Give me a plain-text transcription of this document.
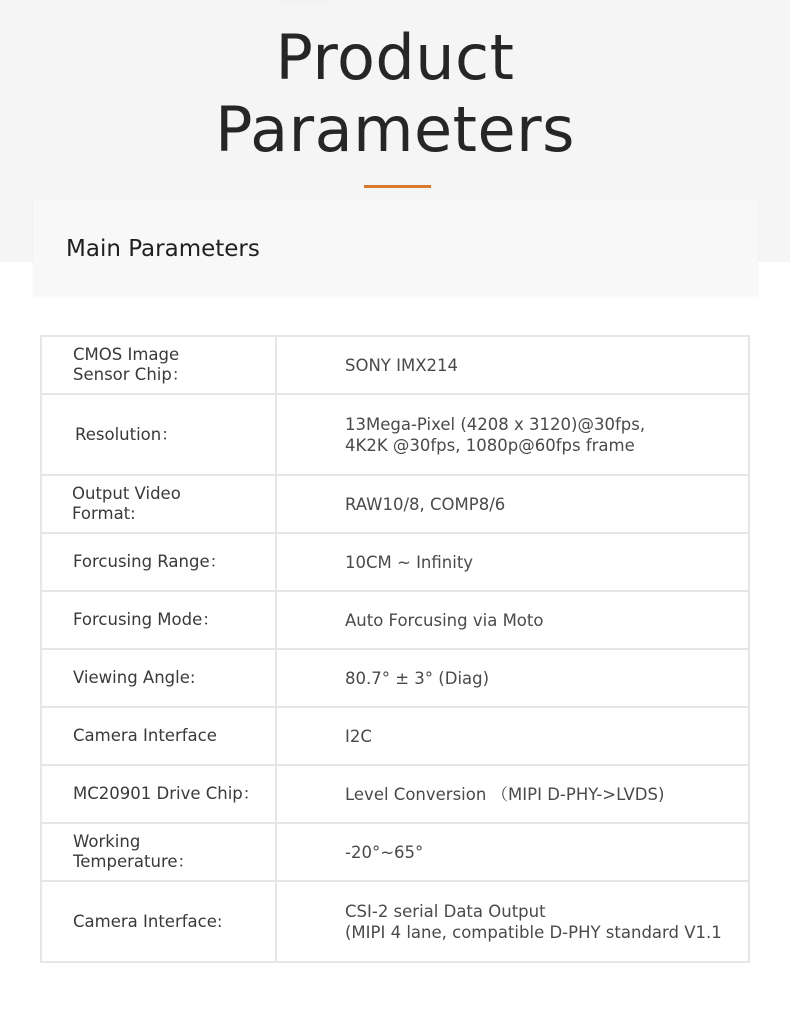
Product
Parameters
Main Parameters
CMOS Image
Sensor Chip：	SONY IMX214

Resolution：	13Mega-Pixel (4208 x 3120)@30fps,
4K2K @30fps, 1080p@60fps frame

Output Video
Format:	RAW10/8, COMP8/6

Forcusing Range：	10CM ~ Infinity

Forcusing Mode：	Auto Forcusing via Moto

Viewing Angle:	80.7° ± 3° (Diag)

Camera Interface	I2C

MC20901 Drive Chip：	Level Conversion （MIPI D-PHY->LVDS)

Working
Temperature：	-20°~65°

Camera Interface:	CSI-2 serial Data Output
(MIPI 4 lane, compatible D-PHY standard V1.1
